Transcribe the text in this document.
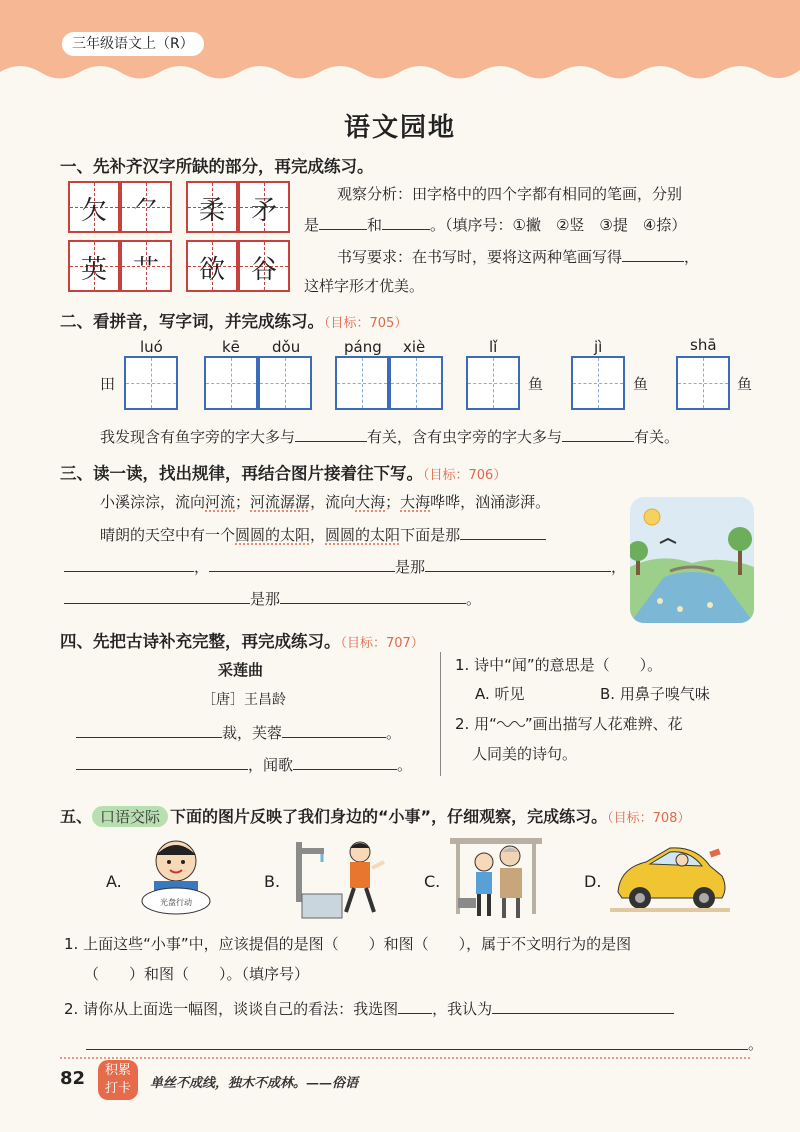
三年级语文上（R）
语文园地
一、先补齐汉字所缺的部分，再完成练习。
欠 ⺈	柔 矛
英 艹	欲 谷
观察分析：田字格中的四个字都有相同的笔画，分别
是	和	。（填序号：①撇　②竖　③提　④捺）
书写要求：在书写时，要将这两种笔画写得	，
这样字形才优美。
二、看拼音，写字词，并完成练习。（目标：705）
luó	kē dǒu	páng xiè	lǐ	jì	shā
田	鱼	鱼	鱼
我发现含有鱼字旁的字大多与	有关，含有虫字旁的字大多与	有关。
三、读一读，找出规律，再结合图片接着往下写。（目标：706）
小溪淙淙，流向河流；河流潺潺，流向大海；大海哗哗，汹涌澎湃。
晴朗的天空中有一个圆圆的太阳，圆圆的太阳下面是那
，	是那	，
是那	。
四、先把古诗补充完整，再完成练习。（目标：707）
采莲曲
［唐］王昌龄
裁，芙蓉	。
，闻歌	。
1. 诗中“闻”的意思是（　　）。
A. 听见	B. 用鼻子嗅气味
2. 用“ ”画出描写人花难辨、花
人同美的诗句。
五、 口语交际 下面的图片反映了我们身边的“小事”，仔细观察，完成练习。（目标：708）
A.
光盘行动
B.	C.	D.
1. 上面这些“小事”中，应该提倡的是图（　　）和图（　　），属于不文明行为的是图
（　　）和图（　　）。（填序号）
2. 请你从上面选一幅图，谈谈自己的看法：我选图 ，我认为
。
82	积累
打卡	单丝不成线，独木不成林。——俗语
